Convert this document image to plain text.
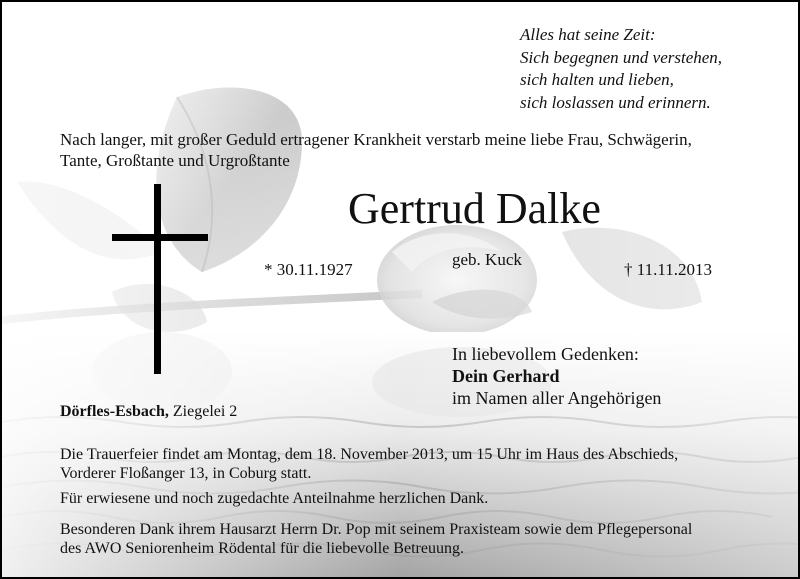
Alles hat seine Zeit:
Sich begegnen und verstehen,
sich halten und lieben,
sich loslassen und erinnern.
Nach langer, mit großer Geduld ertragener Krankheit verstarb meine liebe Frau, Schwägerin,
Tante, Großtante und Urgroßtante
Gertrud Dalke
* 30.11.1927
geb. Kuck
† 11.11.2013
In liebevollem Gedenken:
Dein Gerhard
im Namen aller Angehörigen
Dörfles-Esbach, Ziegelei 2
Die Trauerfeier findet am Montag, dem 18. November 2013, um 15 Uhr im Haus des Abschieds,
Vorderer Floßanger 13, in Coburg statt.
Für erwiesene und noch zugedachte Anteilnahme herzlichen Dank.
Besonderen Dank ihrem Hausarzt Herrn Dr. Pop mit seinem Praxisteam sowie dem Pflegepersonal
des AWO Seniorenheim Rödental für die liebevolle Betreuung.
